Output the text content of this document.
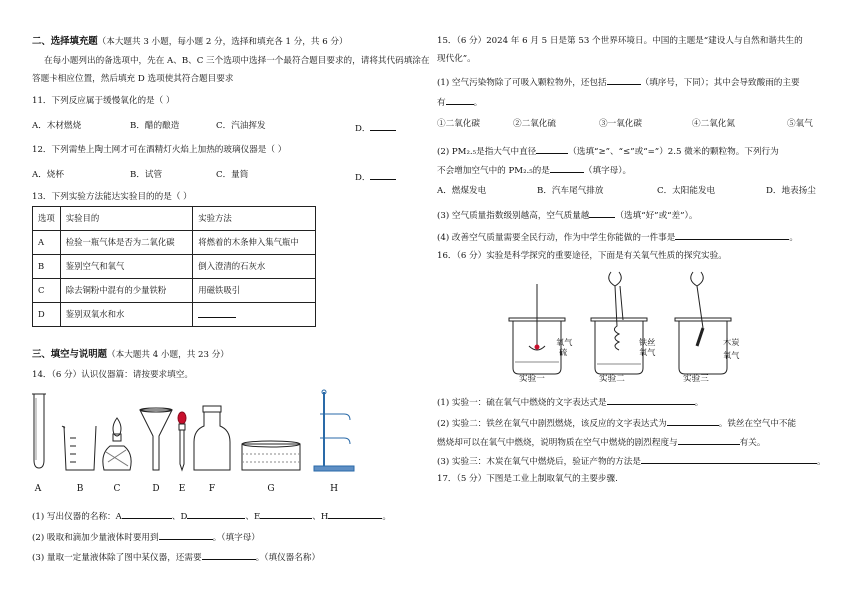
二、选择填充题（本大题共 3 小题，每小题 2 分，选择和填充各 1 分，共 6 分）
在每小题列出的备选项中，先在 A、B、C 三个选项中选择一个最符合题目要求的，请将其代码填涂在
答题卡相应位置，然后填充 D 选项使其符合题目要求
11．下列反应属于缓慢氧化的是（ ）
A．木材燃烧	B．醋的酿造	C．汽油挥发	D．
12．下列需垫上陶土网才可在酒精灯火焰上加热的玻璃仪器是（ ）
A．烧杯	B．试管	C．量筒	D．
13．下列实验方法能达实验目的的是（ ）
选项	实验目的	实验方法
A	检验一瓶气体是否为二氧化碳	将燃着的木条伸入集气瓶中
B	鉴别空气和氧气	倒入澄清的石灰水
C	除去铜粉中混有的少量铁粉	用磁铁吸引
D	鉴别双氧水和水	
三、填空与说明题（本大题共 4 小题，共 23 分）
14．（6 分）认识仪器篇：请按要求填空。
A	B	C	D	E	F	G	H
(1) 写出仪器的名称：A	、D	、E	、H	。
(2) 吸取和滴加少量液体时要用到	。（填字母）
(3) 量取一定量液体除了图中某仪器，还需要	。（填仪器名称）
15．（6 分）2024 年 6 月 5 日是第 53 个世界环境日。中国的主题是“建设人与自然和谐共生的
现代化”。
(1) 空气污染物除了可吸入颗粒物外，还包括	（填序号，下同）；其中会导致酸雨的主要
有	。
①二氧化碳	②二氧化硫	③一氧化碳	④二氧化氮	⑤氧气
(2) PM₂.₅是指大气中直径	（选填“≥”、“≤”或“=”）2.5 微米的颗粒物。下列行为
不会增加空气中的 PM₂.₅的是	（填字母）。
A．燃煤发电	B．汽车尾气排放	C．太阳能发电	D．地表扬尘
(3) 空气质量指数级别越高，空气质量越	（选填“好”或“差”）。
(4) 改善空气质量需要全民行动，作为中学生你能做的一件事是	。
16．（6 分）实验是科学探究的重要途径，下面是有关氧气性质的探究实验。
氧气
硫
铁丝
氧气
木炭
氧气
实验一	实验二	实验三
(1) 实验一：硫在氧气中燃烧的文字表达式是	。
(2) 实验二：铁丝在氧气中剧烈燃烧，该反应的文字表达式为	。铁丝在空气中不能
燃烧却可以在氧气中燃烧，说明物质在空气中燃烧的剧烈程度与	有关。
(3) 实验三：木炭在氧气中燃烧后，验证产物的方法是	。
17．（5 分）下图是工业上制取氧气的主要步骤.
